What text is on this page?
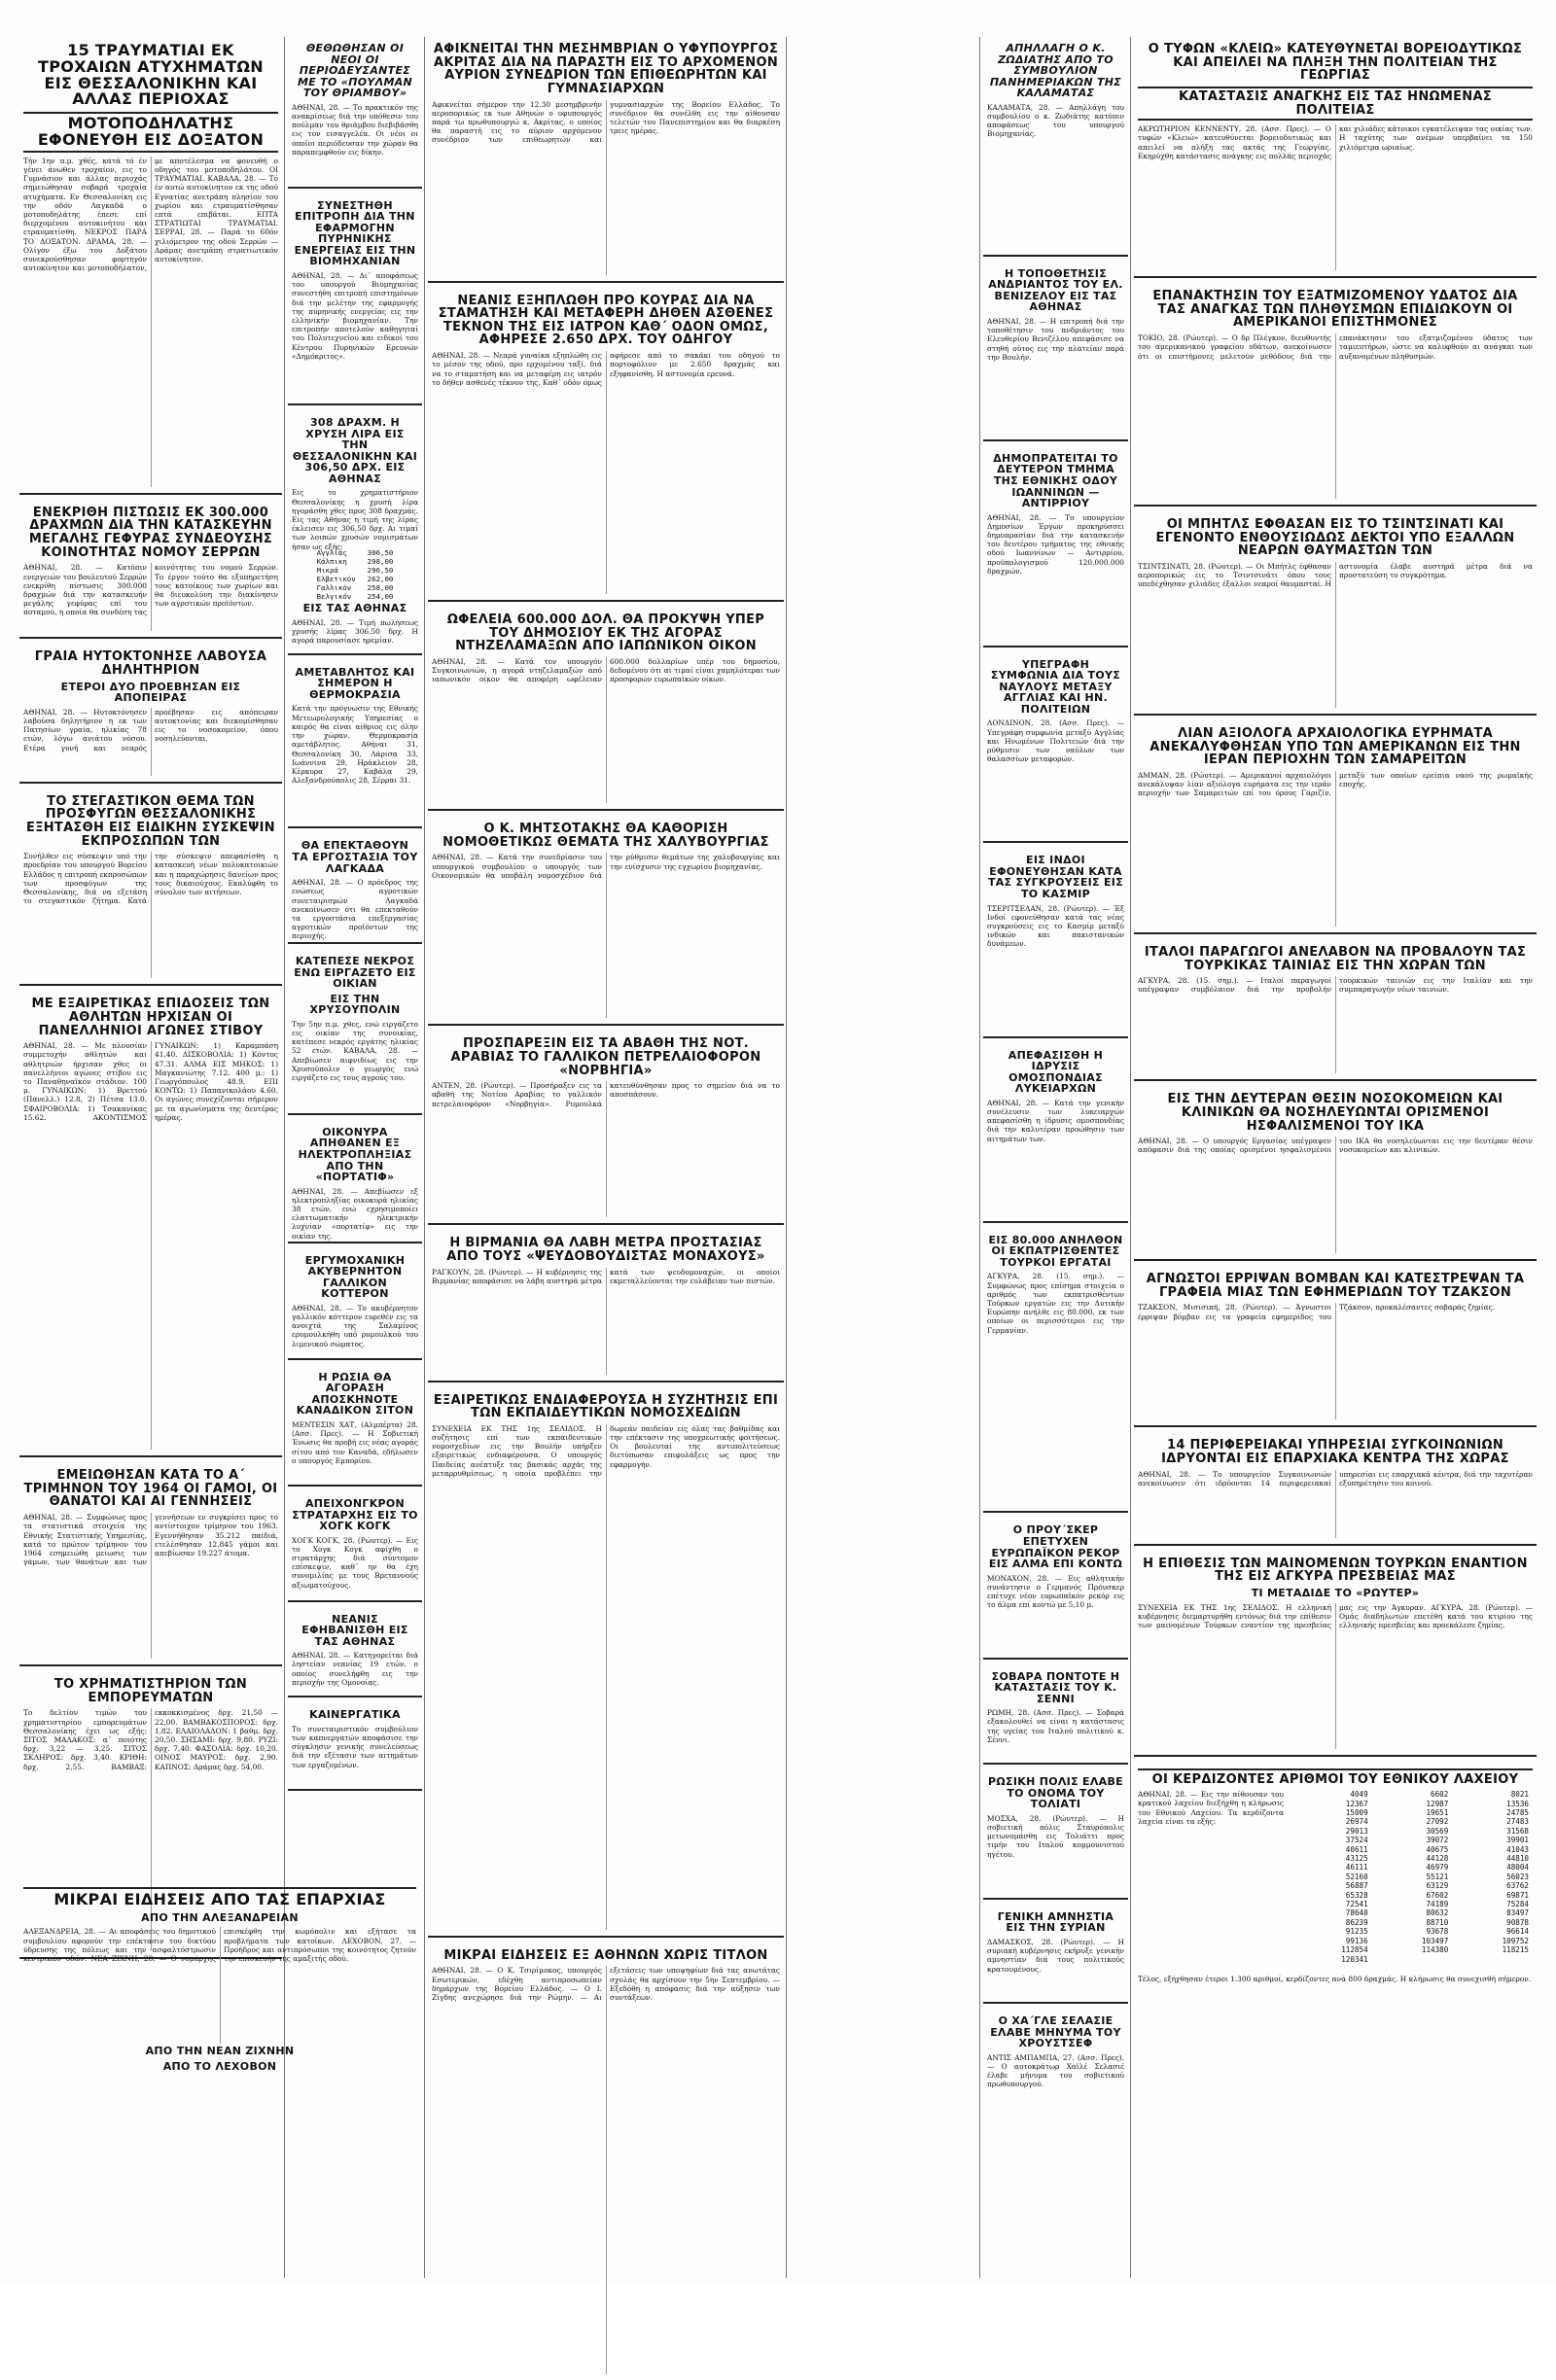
15 ΤΡΑΥΜΑΤΙΑΙ ΕΚ ΤΡΟΧΑΙΩΝ ΑΤΥΧΗΜΑΤΩΝ ΕΙΣ ΘΕΣΣΑΛΟΝΙΚΗΝ ΚΑΙ ΑΛΛΑΣ ΠΕΡΙΟΧΑΣ
ΜΟΤΟΠΟΔΗΛΑΤΗΣ ΕΦΟΝΕΥΘΗ ΕΙΣ ΔΟΞΑΤΟΝ
Τήν 1ην π.μ. χθές, κατά τό έν γένει άνωθεν τροχαίον, εις το Γυμνάσιον και άλλας περιοχάς σημειώθησαν σοβαρά τροχαία ατυχήματα. Εν Θεσσαλονίκη εις την οδόν Λαγκαδά ο μοτοποδηλάτης έπεσε επί διερχομένου αυτοκινήτου και ετραυματίσθη. ΝΕΚΡΟΣ ΠΑΡΑ ΤΟ ΔΟΞΑΤΟΝ. ΔΡΑΜΑ, 28. — Ολίγον έξω του Δοξάτου συνεκρούσθησαν φορτηγόν αυτοκίνητον και μοτοποδήλατον, με αποτέλεσμα να φονευθή ο οδηγός του μοτοποδηλάτου. ΟΙ ΤΡΑΥΜΑΤΙΑΙ. ΚΑΒΑΛΑ, 28. — Τό έν αυτώ αυτοκίνητον εκ της οδού Εγνατίας ανετράπη πλησίον του χωρίου και ετραυματίσθησαν επτά επιβάται. ΕΠΤΑ ΣΤΡΑΤΙΩΤΑΙ ΤΡΑΥΜΑΤΙΑΙ. ΣΕΡΡΑΙ, 28. — Παρά το 60όν χιλιόμετρον της οδού Σερρών — Δράμας ανετράπη στρατιωτικόν αυτοκίνητον.
ΕΝΕΚΡΙΘΗ ΠΙΣΤΩΣΙΣ ΕΚ 300.000 ΔΡΑΧΜΩΝ ΔΙΑ ΤΗΝ ΚΑΤΑΣΚΕΥΗΝ ΜΕΓΑΛΗΣ ΓΕΦΥΡΑΣ ΣΥΝΔΕΟΥΣΗΣ ΚΟΙΝΟΤΗΤΑΣ ΝΟΜΟΥ ΣΕΡΡΩΝ
ΑΘΗΝΑΙ, 28. — Κατόπιν ενεργειών του βουλευτού Σερρών ενεκρίθη πίστωσις 300.000 δραχμών διά την κατασκευήν μεγάλης γεφύρας επί του ποταμού, η οποία θα συνδέση τας κοινότητας του νομού Σερρών. Το έργον τούτο θα εξυπηρετήση τους κατοίκους των χωρίων και θα διευκολύνη την διακίνησιν των αγροτικών προϊόντων.
ΓΡΑΙΑ ΗΥΤΟΚΤΟΝΗΣΕ ΛΑΒΟΥΣΑ ΔΗΛΗΤΗΡΙΟΝ
ΕΤΕΡΟΙ ΔΥΟ ΠΡΟΕΒΗΣΑΝ ΕΙΣ ΑΠΟΠΕΙΡΑΣ
ΑΘΗΝΑΙ, 28. — Ηυτοκτόνησεν λαβούσα δηλητήριον η εκ των Πατησίων γραία, ηλικίας 78 ετών, λόγω ανιάτου νόσου. Ετέρα γυνή και νεαρός προέβησαν εις απόπειραν αυτοκτονίας και διεκομίσθησαν εις το νοσοκομείον, όπου νοσηλεύονται.
ΤΟ ΣΤΕΓΑΣΤΙΚΟΝ ΘΕΜΑ ΤΩΝ ΠΡΟΣΦΥΓΩΝ ΘΕΣΣΑΛΟΝΙΚΗΣ ΕΞΗΤΑΣΘΗ ΕΙΣ ΕΙΔΙΚΗΝ ΣΥΣΚΕΨΙΝ ΕΚΠΡΟΣΩΠΩΝ ΤΩΝ
Συνήλθεν εις σύσκεψιν υπό την προεδρίαν του υπουργού Βορείου Ελλάδος η επιτροπή εκπροσώπων των προσφύγων της Θεσσαλονίκης, διά να εξετάση το στεγαστικόν ζήτημα. Κατά την σύσκεψιν απεφασίσθη η κατασκευή νέων πολυκατοικιών και η παραχώρησις δανείων προς τους δικαιούχους. Εκαλύφθη το σύνολον των αιτήσεων.
ΜΕ ΕΞΑΙΡΕΤΙΚΑΣ ΕΠΙΔΟΣΕΙΣ ΤΩΝ ΑΘΛΗΤΩΝ ΗΡΧΙΣΑΝ ΟΙ ΠΑΝΕΛΛΗΝΙΟΙ ΑΓΩΝΕΣ ΣΤΙΒΟΥ
ΑΘΗΝΑΙ, 28. — Με πλουσίαν συμμετοχήν αθλητών και αθλητριών ήρχισαν χθες οι πανελλήνιοι αγώνες στίβου εις το Παναθηναϊκόν στάδιον. 100 μ. ΓΥΝΑΙΚΩΝ: 1) Βρεττού (Πανελλ.) 12.8, 2) Πέτσα 13.0. ΣΦΑΙΡΟΒΟΛΙΑ: 1) Τσακανίκας 15.62. ΑΚΟΝΤΙΣΜΟΣ ΓΥΝΑΙΚΩΝ: 1) Καραμπάση 41.40. ΔΙΣΚΟΒΟΛΙΑ: 1) Κόντος 47.31. ΑΛΜΑ ΕΙΣ ΜΗΚΟΣ: 1) Μαγκανιώτης 7.12. 400 μ.: 1) Γεωργόπουλος 48.9. ΕΠΙ ΚΟΝΤΩ: 1) Παπανικολάου 4.60. Οι αγώνες συνεχίζονται σήμερον με τα αγωνίσματα της δευτέρας ημέρας.
ΕΜΕΙΩΘΗΣΑΝ ΚΑΤΑ ΤΟ Α΄ ΤΡΙΜΗΝΟΝ ΤΟΥ 1964 ΟΙ ΓΑΜΟΙ, ΟΙ ΘΑΝΑΤΟΙ ΚΑΙ ΑΙ ΓΕΝΝΗΣΕΙΣ
ΑΘΗΝΑΙ, 28. — Συμφώνως προς τα στατιστικά στοιχεία της Εθνικής Στατιστικής Υπηρεσίας, κατά το πρώτον τρίμηνον του 1964 εσημειώθη μείωσις των γάμων, των θανάτων και των γεννήσεων εν συγκρίσει προς το αντίστοιχον τρίμηνον του 1963. Εγεννήθησαν 35.212 παιδιά, ετελέσθησαν 12.845 γάμοι και απεβίωσαν 19.227 άτομα.
ΤΟ ΧΡΗΜΑΤΙΣΤΗΡΙΟΝ ΤΩΝ ΕΜΠΟΡΕΥΜΑΤΩΝ
Το δελτίον τιμών του χρηματιστηρίου εμπορευμάτων Θεσσαλονίκης έχει ως εξής: ΣΙΤΟΣ ΜΑΛΑΚΟΣ: α΄ ποιότης δρχ. 3,22 — 3,25. ΣΙΤΟΣ ΣΚΛΗΡΟΣ: δρχ. 3,40. ΚΡΙΘΗ: δρχ. 2,55. ΒΑΜΒΑΞ: εκκοκκισμένος δρχ. 21,50 — 22,00. ΒΑΜΒΑΚΟΣΠΟΡΟΣ: δρχ. 1,82. ΕΛΑΙΟΛΑΔΟΝ: 1 βαθμ. δρχ. 20,50. ΣΗΣΑΜΙ: δρχ. 9,80. ΡΥΖΙ: δρχ. 7,40. ΦΑΣΟΛΙΑ: δρχ. 10,20. ΟΙΝΟΣ ΜΑΥΡΟΣ: δρχ. 2,90. ΚΑΠΝΟΣ: Δράμας δρχ. 54,00.
ΜΙΚΡΑΙ ΕΙΔΗΣΕΙΣ ΑΠΟ ΤΑΣ ΕΠΑΡΧΙΑΣ
ΑΠΟ ΤΗΝ ΑΛΕΞΑΝΔΡΕΙΑΝ
ΑΛΕΞΑΝΔΡΕΙΑ, 28. — Αι αποφάσεις του δημοτικού συμβουλίου αφορούν την επέκτασιν του δικτύου ύδρευσης της πόλεως και την ασφαλτόστρωσιν κεντρικών οδών. ΝΕΑ ΖΙΧΝΗ, 28. — Ο νομάρχης επισκέφθη την κωμόπολιν και εξήτασε τα προβλήματα των κατοίκων. ΛΕΧΟΒΟΝ, 27. — Προήδρος και αντιπρόσωποι της κοινότητος ζητούν την επισκευήν της αμαξιτής οδού.
ΑΠΟ ΤΗΝ ΝΕΑΝ ΖΙΧΝΗΝ
ΑΠΟ ΤΟ ΛΕΧΟΒΟΝ
ΘΕΘΩΘΗΣΑΝ ΟΙ ΝΕΟΙ ΟΙ ΠΕΡΙΟΔΕΥΣΑΝΤΕΣ ΜΕ ΤΟ «ΠΟΥΛΜΑΝ ΤΟΥ ΘΡΙΑΜΒΟΥ»
ΑΘΗΝΑΙ, 28. — Το πρακτικόν της ανακρίσεως διά την υπόθεσιν του πούλμαν του θριάμβου διεβιβάσθη εις τον εισαγγελέα. Οι νέοι οι οποίοι περιόδευσαν την χώραν θα παραπεμφθούν εις δίκην.
ΣΥΝΕΣΤΗΘΗ ΕΠΙΤΡΟΠΗ ΔΙΑ ΤΗΝ ΕΦΑΡΜΟΓΗΝ ΠΥΡΗΝΙΚΗΣ ΕΝΕΡΓΕΙΑΣ ΕΙΣ ΤΗΝ ΒΙΟΜΗΧΑΝΙΑΝ
ΑΘΗΝΑΙ, 28. — Δι΄ αποφάσεως του υπουργού Βιομηχανίας συνεστήθη επιτροπή επιστημόνων διά την μελέτην της εφαρμογής της πυρηνικής ενεργείας εις την ελληνικήν βιομηχανίαν. Την επιτροπήν αποτελούν καθηγηταί του Πολυτεχνείου και ειδικοί του Κέντρου Πυρηνικών Ερευνών «Δημόκριτος».
308 ΔΡΑΧΜ. Η ΧΡΥΣΗ ΛΙΡΑ ΕΙΣ ΤΗΝ ΘΕΣΣΑΛΟΝΙΚΗΝ ΚΑΙ 306,50 ΔΡΧ. ΕΙΣ ΑΘΗΝΑΣ
Εις το χρηματιστήριον Θεσσαλονίκης η χρυσή λίρα ηγοράσθη χθες προς 308 δραχμάς. Εις τας Αθήνας η τιμή της λίρας έκλεισεν εις 306,50 δρχ. Αι τιμαί των λοιπών χρυσών νομισμάτων ήσαν ως εξής:
Αγγλίας	306,50
Κάλπικη	298,00
Μικρά	296,50
Ελβετικόν	262,00
Γαλλικόν	258,00
Βελγικόν	254,00
ΕΙΣ ΤΑΣ ΑΘΗΝΑΣ
ΑΘΗΝΑΙ, 28. — Τιμή πωλήσεως χρυσής λίρας 306,50 δρχ. Η αγορά παρουσίασε ηρεμίαν.
ΑΜΕΤΑΒΛΗΤΟΣ ΚΑΙ ΣΗΜΕΡΟΝ Η ΘΕΡΜΟΚΡΑΣΙΑ
Κατά την πρόγνωσιν της Εθνικής Μετεωρολογικής Υπηρεσίας ο καιρός θα είναι αίθριος εις όλην την χώραν. Θερμοκρασία αμετάβλητος. Αθήναι 31, Θεσσαλονίκη 30, Λάρισα 33, Ιωάννινα 29, Ηράκλειον 28, Κέρκυρα 27, Καβάλα 29, Αλεξανδρούπολις 28, Σέρραι 31.
ΘΑ ΕΠΕΚΤΑΘΟΥΝ ΤΑ ΕΡΓΟΣΤΑΣΙΑ ΤΟΥ ΛΑΓΚΑΔΑ
ΑΘΗΝΑΙ, 28. — Ο πρόεδρος της ενώσεως αγροτικών συνεταιρισμών Λαγκαδά ανεκοίνωσεν ότι θα επεκταθούν τα εργοστάσια επεξεργασίας αγροτικών προϊόντων της περιοχής.
ΚΑΤΕΠΕΣΕ ΝΕΚΡΟΣ ΕΝΩ ΕΙΡΓΑΖΕΤΟ ΕΙΣ ΟΙΚΙΑΝ
ΕΙΣ ΤΗΝ ΧΡΥΣΟΥΠΟΛΙΝ
Την 5ην π.μ. χθες, ενώ ειργάζετο εις οικίαν της συνοικίας, κατέπεσε νεκρός εργάτης ηλικίας 52 ετών. ΚΑΒΑΛΑ, 28. — Απεβίωσεν αιφνιδίως εις την Χρυσούπολιν ο γεωργός ενώ ειργάζετο εις τους αγρούς του.
ΟΙΚΟΝΥΡΑ ΑΠΗΘΑΝΕΝ ΕΞ ΗΛΕΚΤΡΟΠΛΗΞΙΑΣ ΑΠΟ ΤΗΝ «ΠΟΡΤΑΤΙΦ»
ΑΘΗΝΑΙ, 28. — Απεβίωσεν εξ ηλεκτροπληξίας οικοκυρά ηλικίας 38 ετών, ενώ εχρησιμοποίει ελαττωματικήν ηλεκτρικήν λυχνίαν «πορτατίφ» εις την οικίαν της.
ΕΡΓΥΜΟΧΑΝΙΚΗ ΑΚΥΒΕΡΝΗΤΟΝ ΓΑΛΛΙΚΟΝ ΚΟΤΤΕΡΟΝ
ΑΘΗΝΑΙ, 28. — Το ακυβέρνητον γαλλικόν κόττερον ευρεθέν εις τα ανοιχτά της Σαλαμίνος ερυμουλκήθη υπό ρυμουλκού του λιμενικού σώματος.
Η ΡΩΣΙΑ ΘΑ ΑΓΟΡΑΣΗ ΑΠΟΣΚΗΝΟΤΕ ΚΑΝΑΔΙΚΟΝ ΣΙΤΟΝ
ΜΕΝΤΕΣΙΝ ΧΑΤ, (Αλμπέρτα) 28. (Ασσ. Πρες). — Η Σοβιετική Ένωσις θα προβή εις νέας αγοράς σίτου από τον Καναδά, εδήλωσεν ο υπουργός Εμπορίου.
ΑΠΕΙΧΟΝΓΚΡΟΝ ΣΤΡΑΤΑΡΧΗΣ ΕΙΣ ΤΟ ΧΟΓΚ ΚΟΓΚ
ΧΟΓΚ ΚΟΓΚ, 28. (Ρώυτερ). — Εις το Χογκ Κογκ αφίχθη ο στρατάρχης διά σύντομον επίσκεψιν, καθ΄ ην θα έχη συνομιλίας με τους Βρεταννούς αξιωματούχους.
ΝΕΑΝΙΣ ΕΦΗΒΑΝΙΣΘΗ ΕΙΣ ΤΑΣ ΑΘΗΝΑΣ
ΑΘΗΝΑΙ, 28. — Κατηγορείται διά ληστείαν νεανίας 19 ετών, ο οποίος συνελήφθη εις την περιοχήν της Ομονοίας.
ΚΑΙΝΕΡΓΑΤΙΚΑ
Το συνεταιριστικόν συμβούλιον των καπνεργατών αποφάσισε την σύγκλησιν γενικής συνελεύσεως διά την εξέτασιν των αιτημάτων των εργαζομένων.
ΑΦΙΚΝΕΙΤΑΙ ΤΗΝ ΜΕΣΗΜΒΡΙΑΝ Ο ΥΦΥΠΟΥΡΓΟΣ ΑΚΡΙΤΑΣ ΔΙΑ ΝΑ ΠΑΡΑΣΤΗ ΕΙΣ ΤΟ ΑΡΧΟΜΕΝΟΝ ΑΥΡΙΟΝ ΣΥΝΕΔΡΙΟΝ ΤΩΝ ΕΠΙΘΕΩΡΗΤΩΝ ΚΑΙ ΓΥΜΝΑΣΙΑΡΧΩΝ
Αφικνείται σήμερον την 12.30 μεσημβρινήν αεροπορικώς εκ των Αθηνών ο υφυπουργός παρά τω πρωθυπουργώ κ. Ακρίτας, ο οποίος θα παραστή εις το αύριον αρχόμενον συνέδριον των επιθεωρητών και γυμνασιαρχών της Βορείου Ελλάδος. Το συνέδριον θα συνέλθη εις την αίθουσαν τελετών του Πανεπιστημίου και θα διαρκέση τρεις ημέρας.
ΝΕΑΝΙΣ ΕΞΗΠΛΩΘΗ ΠΡΟ ΚΟΥΡΑΣ ΔΙΑ ΝΑ ΣΤΑΜΑΤΗΣΗ ΚΑΙ ΜΕΤΑΦΕΡΗ ΔΗΘΕΝ ΑΣΘΕΝΕΣ ΤΕΚΝΟΝ ΤΗΣ ΕΙΣ ΙΑΤΡΟΝ ΚΑΘ΄ ΟΔΟΝ ΟΜΩΣ, ΑΦΗΡΕΣΕ 2.650 ΔΡΧ. ΤΟΥ ΟΔΗΓΟΥ
ΑΘΗΝΑΙ, 28. — Νεαρά γυναίκα εξηπλώθη εις το μέσον της οδού, προ ερχομένου ταξί, διά να το σταματήση και να μεταφέρη εις ιατρόν το δήθεν ασθενές τέκνον της. Καθ΄ οδόν όμως αφήρεσε από το σακάκι του οδηγού το πορτοφόλιον με 2.650 δραχμάς και εξηφανίσθη. Η αστυνομία ερευνά.
ΩΦΕΛΕΙΑ 600.000 ΔΟΛ. ΘΑ ΠΡΟΚΥΨΗ ΥΠΕΡ ΤΟΥ ΔΗΜΟΣΙΟΥ ΕΚ ΤΗΣ ΑΓΟΡΑΣ ΝΤΗΖΕΛΑΜΑΞΩΝ ΑΠΟ ΙΑΠΩΝΙΚΟΝ ΟΙΚΟΝ
ΑΘΗΝΑΙ, 28. — Κατά τον υπουργόν Συγκοινωνιών, η αγορά ντηζελαμαξών από ιαπωνικόν οίκον θα αποφέρη ωφέλειαν 600.000 δολλαρίων υπέρ του δημοσίου, δεδομένου ότι αι τιμαί είναι χαμηλότεραι των προσφορών ευρωπαϊκών οίκων.
Ο Κ. ΜΗΤΣΟΤΑΚΗΣ ΘΑ ΚΑΘΟΡΙΣΗ ΝΟΜΟΘΕΤΙΚΩΣ ΘΕΜΑΤΑ ΤΗΣ ΧΑΛΥΒΟΥΡΓΙΑΣ
ΑΘΗΝΑΙ, 28. — Κατά την συνεδρίασιν του υπουργικού συμβουλίου ο υπουργός των Οικονομικών θα υποβάλη νομοσχέδιον διά την ρύθμισιν θεμάτων της χαλυβουργίας και την ενίσχυσιν της εγχωρίου βιομηχανίας.
ΠΡΟΣΠΑΡΕΞΙΝ ΕΙΣ ΤΑ ΑΒΑΘΗ ΤΗΣ ΝΟΤ. ΑΡΑΒΙΑΣ ΤΟ ΓΑΛΛΙΚΟΝ ΠΕΤΡΕΛΑΙΟΦΟΡΟΝ «ΝΟΡΒΗΓΙΑ»
ΑΝΤΕΝ, 28. (Ρώυτερ). — Προσήραξεν εις τα αβαθή της Νοτίου Αραβίας το γαλλικόν πετρελαιοφόρον «Νορβηγία». Ρυμουλκά κατευθύνθησαν προς το σημείον διά να το αποσπάσουν.
Η ΒΙΡΜΑΝΙΑ ΘΑ ΛΑΒΗ ΜΕΤΡΑ ΠΡΟΣΤΑΣΙΑΣ ΑΠΟ ΤΟΥΣ «ΨΕΥΔΟΒΟΥΔΙΣΤΑΣ ΜΟΝΑΧΟΥΣ»
ΡΑΓΚΟΥΝ, 28. (Ρώυτερ). — Η κυβέρνησις της Βιρμανίας αποφάσισε να λάβη αυστηρά μέτρα κατά των ψευδομοναχών, οι οποίοι εκμεταλλεύονται την ευλάβειαν των πιστών.
ΕΞΑΙΡΕΤΙΚΩΣ ΕΝΔΙΑΦΕΡΟΥΣΑ Η ΣΥΖΗΤΗΣΙΣ ΕΠΙ ΤΩΝ ΕΚΠΑΙΔΕΥΤΙΚΩΝ ΝΟΜΟΣΧΕΔΙΩΝ
ΣΥΝΕΧΕΙΑ ΕΚ ΤΗΣ 1ης ΣΕΛΙΔΟΣ. Η συζήτησις επί των εκπαιδευτικών νομοσχεδίων εις την Βουλήν υπήρξεν εξαιρετικώς ενδιαφέρουσα. Ο υπουργός Παιδείας ανέπτυξε τας βασικάς αρχάς της μεταρρυθμίσεως, η οποία προβλέπει την δωρεάν παιδείαν εις όλας τας βαθμίδας και την επέκτασιν της υποχρεωτικής φοιτήσεως. Οι βουλευταί της αντιπολιτεύσεως διετύπωσαν επιφυλάξεις ως προς την εφαρμογήν.
ΜΙΚΡΑΙ ΕΙΔΗΣΕΙΣ ΕΞ ΑΘΗΝΩΝ ΧΩΡΙΣ ΤΙΤΛΟΝ
ΑΘΗΝΑΙ, 28. — Ο Κ. Τσιρίμοκος, υπουργός Εσωτερικών, εδέχθη αντιπροσωπείαν δημάρχων της Βορείου Ελλάδος. — Ο Ι. Ζίγδης ανεχώρησε διά την Ρώμην. — Αι εξετάσεις των υποψηφίων διά τας ανωτάτας σχολάς θα αρχίσουν την 5ην Σεπτεμβρίου. — Εξεδόθη η απόφασις διά την αύξησιν των συντάξεων.
ΑΠΗΛΛΑΓΗ Ο Κ. ΖΩΔΙΑΤΗΣ ΑΠΟ ΤΟ ΣΥΜΒΟΥΛΙΟΝ ΠΑΝΗΜΕΡΙΑΚΩΝ ΤΗΣ ΚΑΛΑΜΑΤΑΣ
ΚΑΛΑΜΑΤΑ, 28. — Απηλλάγη του συμβουλίου ο κ. Ζωδιάτης κατόπιν αποφάσεως του υπουργού Βιομηχανίας.
Η ΤΟΠΟΘΕΤΗΣΙΣ ΑΝΔΡΙΑΝΤΟΣ ΤΟΥ ΕΛ. ΒΕΝΙΖΕΛΟΥ ΕΙΣ ΤΑΣ ΑΘΗΝΑΣ
ΑΘΗΝΑΙ, 28. — Η επιτροπή διά την τοποθέτησιν του ανδριάντος του Ελευθερίου Βενιζέλου απεφάσισε να στηθή ούτος εις την πλατείαν παρά την Βουλήν.
ΔΗΜΟΠΡΑΤΕΙΤΑΙ ΤΟ ΔΕΥΤΕΡΟΝ ΤΜΗΜΑ ΤΗΣ ΕΘΝΙΚΗΣ ΟΔΟΥ ΙΩΑΝΝΙΝΩΝ — ΑΝΤΙΡΡΙΟΥ
ΑΘΗΝΑΙ, 28. — Το υπουργείον Δημοσίων Έργων προκηρύσσει δημοπρασίαν διά την κατασκευήν του δευτέρου τμήματος της εθνικής οδού Ιωαννίνων — Αντιρρίου, προϋπολογισμού 120.000.000 δραχμών.
ΥΠΕΓΡΑΦΗ ΣΥΜΦΩΝΙΑ ΔΙΑ ΤΟΥΣ ΝΑΥΛΟΥΣ ΜΕΤΑΞΥ ΑΓΓΛΙΑΣ ΚΑΙ ΗΝ. ΠΟΛΙΤΕΙΩΝ
ΛΟΝΔΙΝΟΝ, 28. (Ασσ. Πρες). — Υπεγράφη συμφωνία μεταξύ Αγγλίας και Ηνωμένων Πολιτειών διά την ρύθμισιν των ναύλων των θαλασσίων μεταφορών.
ΕΙΣ ΙΝΔΟΙ ΕΦΟΝΕΥΘΗΣΑΝ ΚΑΤΑ ΤΑΣ ΣΥΓΚΡΟΥΣΕΙΣ ΕΙΣ ΤΟ ΚΑΣΜΙΡ
ΤΣΕΡΙΤΣΕΛΑΝ, 28. (Ρώυτερ). — Έξ Ινδοί εφονεύθησαν κατά τας νέας συγκρούσεις εις το Κασμίρ μεταξύ ινδικών και πακιστανικών δυνάμεων.
ΑΠΕΦΑΣΙΣΘΗ Η ΙΔΡΥΣΙΣ ΟΜΟΣΠΟΝΔΙΑΣ ΛΥΚΕΙΑΡΧΩΝ
ΑΘΗΝΑΙ, 28. — Κατά την γενικήν συνέλευσιν των λυκειαρχών απεφασίσθη η ίδρυσις ομοσπονδίας διά την καλυτέραν προώθησιν των αιτημάτων των.
ΕΙΣ 80.000 ΑΝΗΛΘΟΝ ΟΙ ΕΚΠΑΤΡΙΣΘΕΝΤΕΣ ΤΟΥΡΚΟΙ ΕΡΓΑΤΑΙ
ΑΓΚΥΡΑ, 28. (15. σημ.). — Συμφώνως προς επίσημα στοιχεία ο αριθμός των εκπατρισθέντων Τούρκων εργατών εις την Δυτικήν Ευρώπην ανήλθε εις 80.000, εκ των οποίων οι περισσότεροι εις την Γερμανίαν.
Ο ΠΡΟΥ΄ΣΚΕΡ ΕΠΕΤΥΧΕΝ ΕΥΡΩΠΑΪΚΟΝ ΡΕΚΟΡ ΕΙΣ ΑΛΜΑ ΕΠΙ ΚΟΝΤΩ
ΜΟΝΑΧΟΝ, 28. — Εις αθλητικήν συνάντησιν ο Γερμανός Πρόυσκερ επέτυχε νέον ευρωπαϊκόν ρεκόρ εις το άλμα επί κοντώ με 5,10 μ.
ΣΟΒΑΡΑ ΠΟΝΤΟΤΕ Η ΚΑΤΑΣΤΑΣΙΣ ΤΟΥ Κ. ΣΕΝΝΙ
ΡΩΜΗ, 28. (Ασσ. Πρες). — Σοβαρά εξακολουθεί να είναι η κατάστασις της υγείας του Ιταλού πολιτικού κ. Σέννι.
ΡΩΣΙΚΗ ΠΟΛΙΣ ΕΛΑΒΕ ΤΟ ΟΝΟΜΑ ΤΟΥ ΤΟΛΙΑΤΙ
ΜΟΣΧΑ, 28. (Ρώυτερ). — Η σοβιετική πόλις Σταυρόπολις μετωνομάσθη εις Τολιάττι προς τιμήν του Ιταλού κομμουνιστού ηγέτου.
ΓΕΝΙΚΗ ΑΜΝΗΣΤΙΑ ΕΙΣ ΤΗΝ ΣΥΡΙΑΝ
ΔΑΜΑΣΚΟΣ, 28. (Ρώυτερ). — Η συριακή κυβέρνησις εκήρυξε γενικήν αμνηστίαν διά τους πολιτικούς κρατουμένους.
Ο ΧΑ΄ΓΛΕ ΣΕΛΑΣΙΕ ΕΛΑΒΕ ΜΗΝΥΜΑ ΤΟΥ ΧΡΟΥΣΤΣΕΦ
ΑΝΤΙΣ ΑΜΠΑΜΠΑ, 27. (Ασσ. Πρες). — Ο αυτοκράτωρ Χαϊλέ Σελασιέ έλαβε μήνυμα του σοβιετικού πρωθυπουργού.
Ο ΤΥΦΩΝ «ΚΛΕΙΩ» ΚΑΤΕΥΘΥΝΕΤΑΙ ΒΟΡΕΙΟΔΥΤΙΚΩΣ ΚΑΙ ΑΠΕΙΛΕΙ ΝΑ ΠΛΗΞΗ ΤΗΝ ΠΟΛΙΤΕΙΑΝ ΤΗΣ ΓΕΩΡΓΙΑΣ
ΚΑΤΑΣΤΑΣΙΣ ΑΝΑΓΚΗΣ ΕΙΣ ΤΑΣ ΗΝΩΜΕΝΑΣ ΠΟΛΙΤΕΙΑΣ
ΑΚΡΩΤΗΡΙΟΝ ΚΕΝΝΕΝΤΥ, 28. (Ασσ. Πρες). — Ο τυφών «Κλειώ» κατευθύνεται βορειοδυτικώς και απειλεί να πλήξη τας ακτάς της Γεωργίας. Εκηρύχθη κατάστασις ανάγκης εις πολλάς περιοχάς και χιλιάδες κάτοικοι εγκατέλειψαν τας οικίας των. Η ταχύτης των ανέμων υπερβαίνει τα 150 χιλιόμετρα ωριαίως.
ΕΠΑΝΑΚΤΗΣΙΝ ΤΟΥ ΕΞΑΤΜΙΖΟΜΕΝΟΥ ΥΔΑΤΟΣ ΔΙΑ ΤΑΣ ΑΝΑΓΚΑΣ ΤΩΝ ΠΛΗΘΥΣΜΩΝ ΕΠΙΔΙΩΚΟΥΝ ΟΙ ΑΜΕΡΙΚΑΝΟΙ ΕΠΙΣΤΗΜΟΝΕΣ
ΤΟΚΙΟ, 28. (Ρώυτερ). — Ο δρ Πλέγκον, διευθυντής του αμερικανικού γραφείου υδάτων, ανεκοίνωσεν ότι οι επιστήμονες μελετούν μεθόδους διά την επανάκτησιν του εξατμιζομένου ύδατος των ταμιευτήρων, ώστε να καλυφθούν αι ανάγκαι των αυξανομένων πληθυσμών.
ΟΙ ΜΠΗΤΛΣ ΕΦΘΑΣΑΝ ΕΙΣ ΤΟ ΤΣΙΝΤΣΙΝΑΤΙ ΚΑΙ ΕΓΕΝΟΝΤΟ ΕΝΘΟΥΣΙΩΔΩΣ ΔΕΚΤΟΙ ΥΠΟ ΕΞΑΛΛΩΝ ΝΕΑΡΩΝ ΘΑΥΜΑΣΤΩΝ ΤΩΝ
ΤΣΙΝΤΣΙΝΑΤΙ, 28. (Ρώυτερ). — Οι Μπήτλς έφθασαν αεροπορικώς εις το Τσιντσινάτι όπου τους υπεδέχθησαν χιλιάδες έξαλλοι νεαροί θαυμασταί. Η αστυνομία έλαβε αυστηρά μέτρα διά να προστατεύση το συγκρότημα.
ΛΙΑΝ ΑΞΙΟΛΟΓΑ ΑΡΧΑΙΟΛΟΓΙΚΑ ΕΥΡΗΜΑΤΑ ΑΝΕΚΑΛΥΦΘΗΣΑΝ ΥΠΟ ΤΩΝ ΑΜΕΡΙΚΑΝΩΝ ΕΙΣ ΤΗΝ ΙΕΡΑΝ ΠΕΡΙΟΧΗΝ ΤΩΝ ΣΑΜΑΡΕΙΤΩΝ
ΑΜΜΑΝ, 28. (Ρώυτερ). — Αμερικανοί αρχαιολόγοι ανεκάλυψαν λίαν αξιόλογα ευρήματα εις την ιεράν περιοχήν των Σαμαρειτών επί του όρους Γαριζίν, μεταξύ των οποίων ερείπια ναού της ρωμαϊκής εποχής.
ΙΤΑΛΟΙ ΠΑΡΑΓΩΓΟΙ ΑΝΕΛΑΒΟΝ ΝΑ ΠΡΟΒΑΛΟΥΝ ΤΑΣ ΤΟΥΡΚΙΚΑΣ ΤΑΙΝΙΑΣ ΕΙΣ ΤΗΝ ΧΩΡΑΝ ΤΩΝ
ΑΓΚΥΡΑ, 28. (15. σημ.). — Ιταλοί παραγωγοί υπέγραψαν συμβόλαιον διά την προβολήν τουρκικών ταινιών εις την Ιταλίαν και την συμπαραγωγήν νέων ταινιών.
ΕΙΣ ΤΗΝ ΔΕΥΤΕΡΑΝ ΘΕΣΙΝ ΝΟΣΟΚΟΜΕΙΩΝ ΚΑΙ ΚΛΙΝΙΚΩΝ ΘΑ ΝΟΣΗΛΕΥΩΝΤΑΙ ΟΡΙΣΜΕΝΟΙ ΗΣΦΑΛΙΣΜΕΝΟΙ ΤΟΥ ΙΚΑ
ΑΘΗΝΑΙ, 28. — Ο υπουργός Εργασίας υπέγραψεν απόφασιν διά της οποίας ορισμένοι ησφαλισμένοι του ΙΚΑ θα νοσηλεύωνται εις την δευτέραν θέσιν νοσοκομείων και κλινικών.
ΑΓΝΩΣΤΟΙ ΕΡΡΙΨΑΝ ΒΟΜΒΑΝ ΚΑΙ ΚΑΤΕΣΤΡΕΨΑΝ ΤΑ ΓΡΑΦΕΙΑ ΜΙΑΣ ΤΩΝ ΕΦΗΜΕΡΙΔΩΝ ΤΟΥ ΤΖΑΚΣΟΝ
ΤΖΑΚΣΟΝ, Μισισιπή, 28. (Ρώυτερ). — Άγνωστοι έρριψαν βόμβαν εις τα γραφεία εφημερίδος του Τζάκσον, προκαλέσαντες σοβαράς ζημίας.
14 ΠΕΡΙΦΕΡΕΙΑΚΑΙ ΥΠΗΡΕΣΙΑΙ ΣΥΓΚΟΙΝΩΝΙΩΝ ΙΔΡΥΟΝΤΑΙ ΕΙΣ ΕΠΑΡΧΙΑΚΑ ΚΕΝΤΡΑ ΤΗΣ ΧΩΡΑΣ
ΑΘΗΝΑΙ, 28. — Το υπουργείον Συγκοινωνιών ανεκοίνωσεν ότι ιδρύονται 14 περιφερειακαί υπηρεσίαι εις επαρχιακά κέντρα, διά την ταχυτέραν εξυπηρέτησιν του κοινού.
Η ΕΠΙΘΕΣΙΣ ΤΩΝ ΜΑΙΝΟΜΕΝΩΝ ΤΟΥΡΚΩΝ ΕΝΑΝΤΙΟΝ ΤΗΣ ΕΙΣ ΑΓΚΥΡΑ ΠΡΕΣΒΕΙΑΣ ΜΑΣ
ΤΙ ΜΕΤΑΔΙΔΕ ΤΟ «ΡΩΥΤΕΡ»
ΣΥΝΕΧΕΙΑ ΕΚ ΤΗΣ 1ης ΣΕΛΙΔΟΣ. Η ελληνική κυβέρνησις διεμαρτυρήθη εντόνως διά την επίθεσιν των μαινομένων Τούρκων εναντίον της πρεσβείας μας εις την Άγκυραν. ΑΓΚΥΡΑ, 28. (Ρώυτερ). — Ομάς διαδηλωτών επετέθη κατά του κτιρίου της ελληνικής πρεσβείας και προεκάλεσε ζημίας.
ΟΙ ΚΕΡΔΙΖΟΝΤΕΣ ΑΡΙΘΜΟΙ ΤΟΥ ΕΘΝΙΚΟΥ ΛΑΧΕΙΟΥ
ΑΘΗΝΑΙ, 28. — Εις την αίθουσαν του κρατικού λαχείου διεξήχθη η κλήρωσις του Εθνικού Λαχείου. Τα κερδίζοντα λαχεία είναι τα εξής:
4049	6602	8021
12367	12987	13536
15009	19651	24785
26974	27092	27483
29013	30569	31568
37524	39072	39901
40611	40675	41043
43125	44128	44810
46111	46979	48004
52160	55121	56023
56887	63129	63762
65328	67602	69871
72541	74189	75284
78640	80632	83497
86239	88710	90878
91235	93678	96614
99136	103497	109752
112854	114380	118215
120341		
Τέλος, εξήχθησαν έτεροι 1.300 αριθμοί, κερδίζοντες ανά 800 δραχμάς. Η κλήρωσις θα συνεχισθή σήμερον.
